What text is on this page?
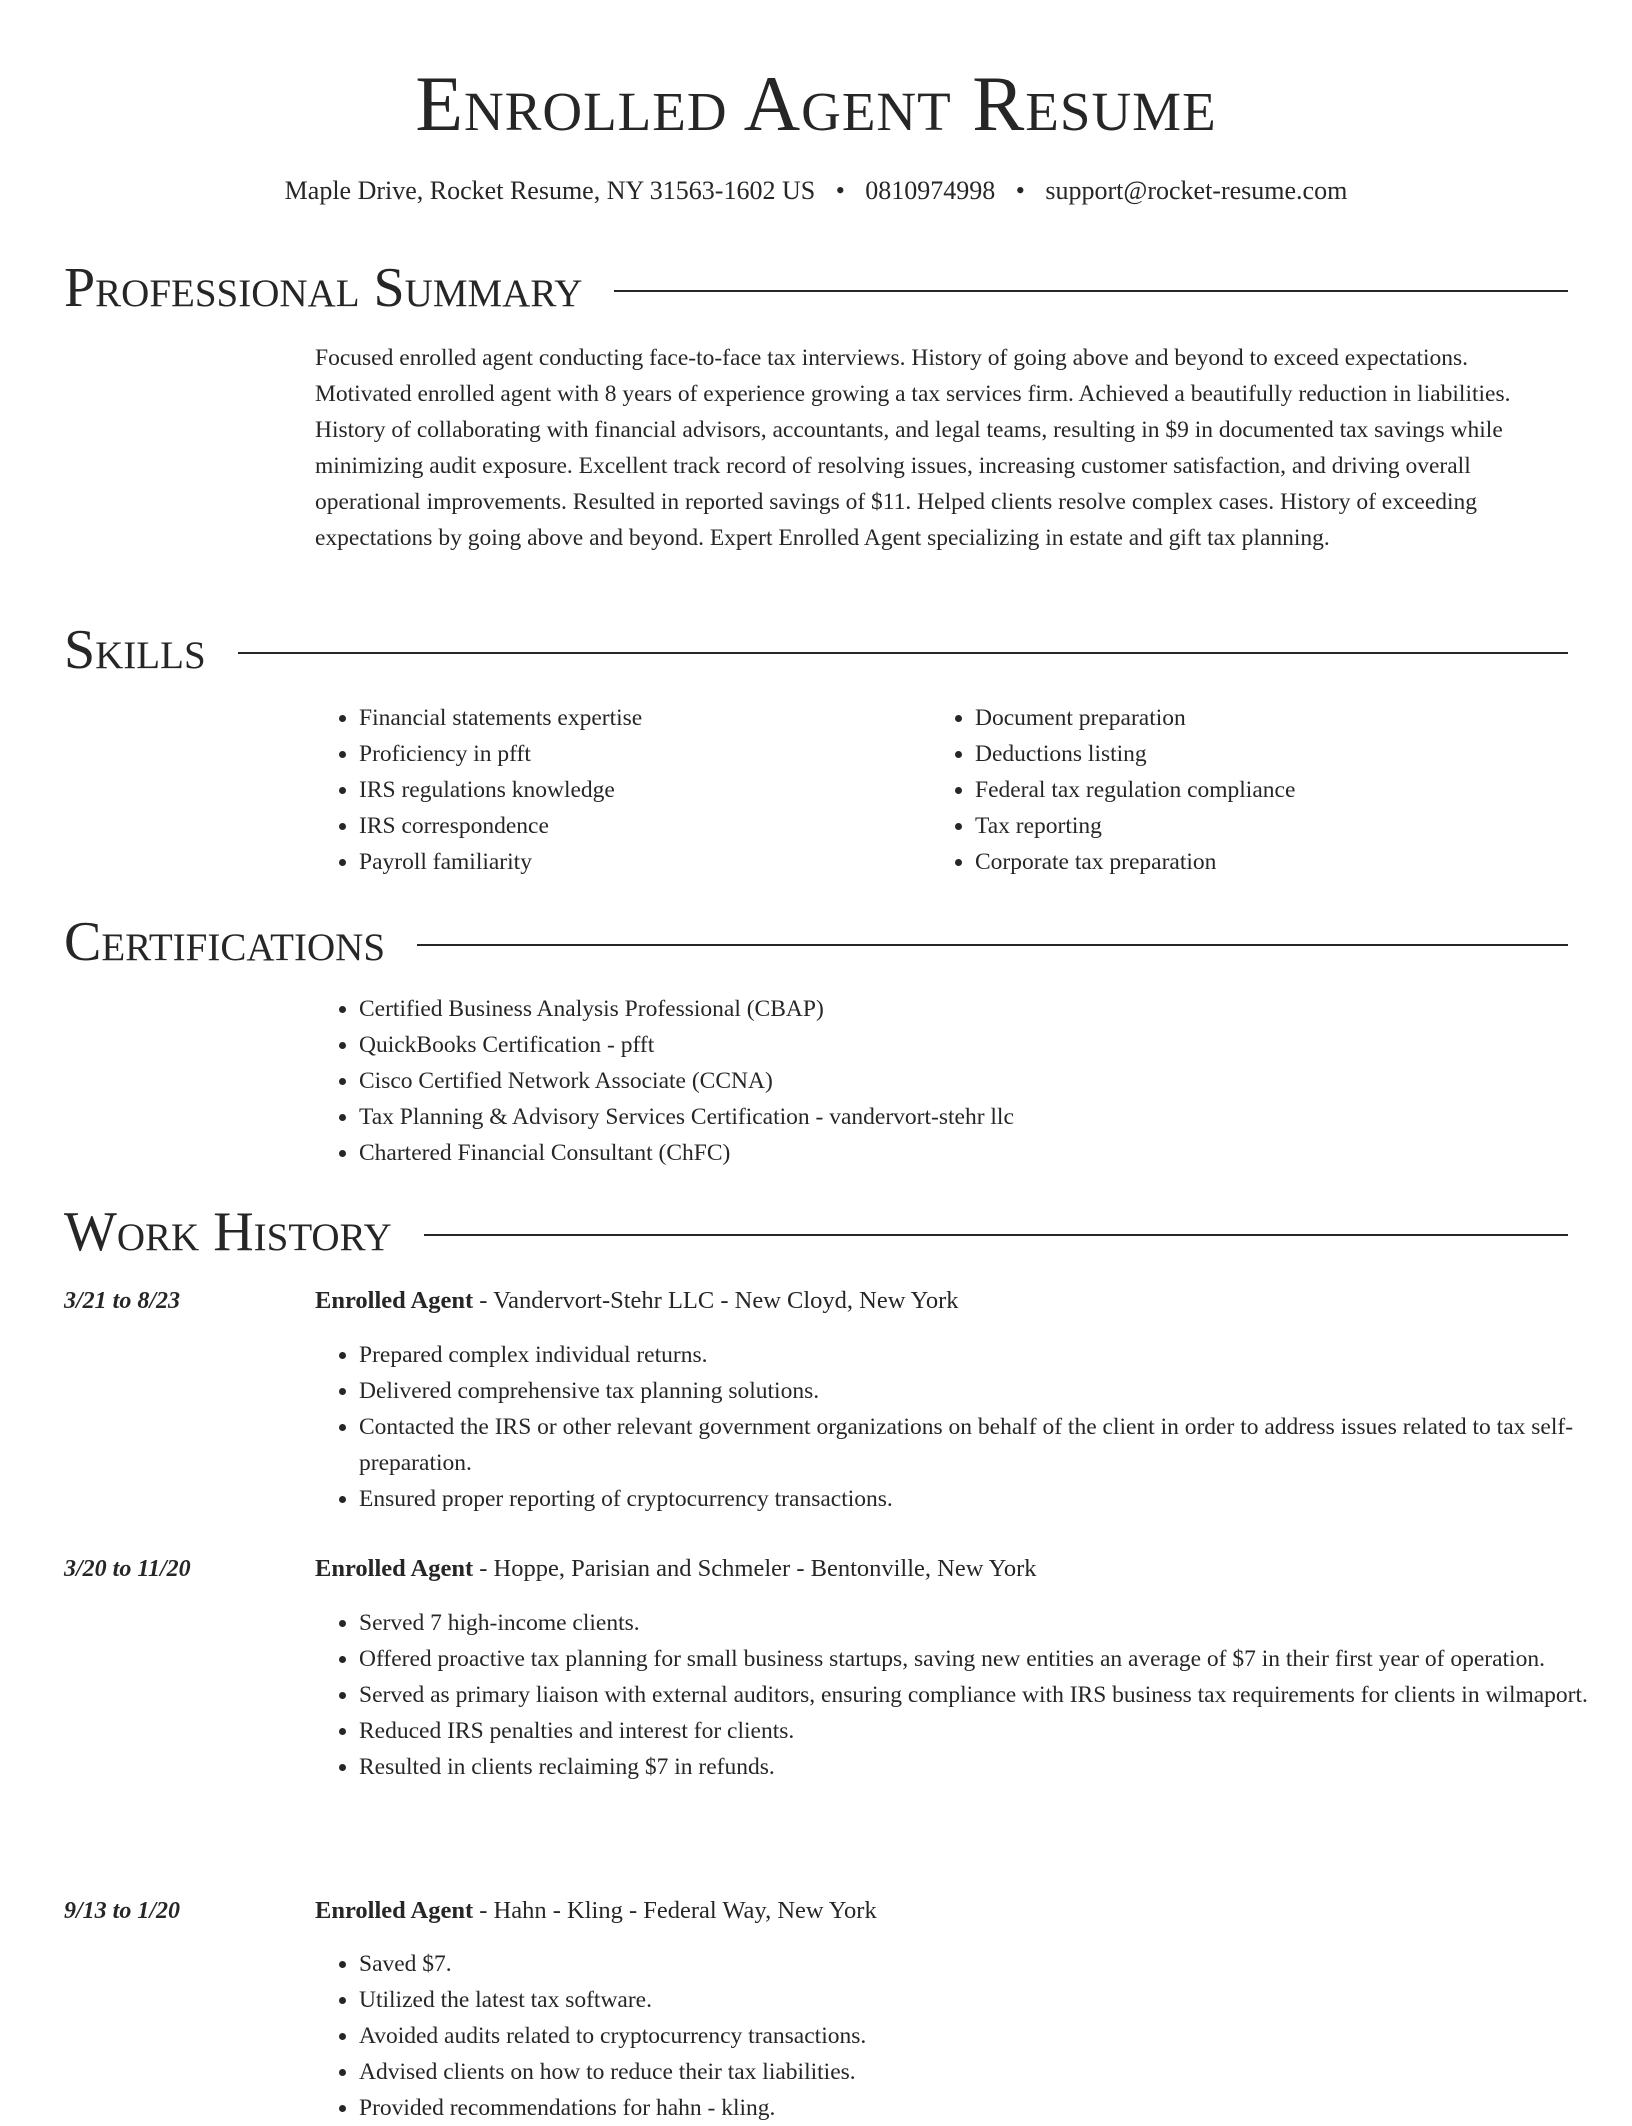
Enrolled Agent Resume
Maple Drive, Rocket Resume, NY 31563-1602 US • 0810974998 • support@rocket-resume.com
Professional Summary

Focused enrolled agent conducting face-to-face tax interviews. History of going above and beyond to exceed expectations. Motivated enrolled agent with 8 years of experience growing a tax services firm. Achieved a beautifully reduction in liabilities. History of collaborating with financial advisors, accountants, and legal teams, resulting in $9 in documented tax savings while minimizing audit exposure. Excellent track record of resolving issues, increasing customer satisfaction, and driving overall operational improvements. Resulted in reported savings of $11. Helped clients resolve complex cases. History of exceeding expectations by going above and beyond. Expert Enrolled Agent specializing in estate and gift tax planning.

Skills
• Financial statements expertise
• Proficiency in pfft
• IRS regulations knowledge
• IRS correspondence
• Payroll familiarity
• Document preparation
• Deductions listing
• Federal tax regulation compliance
• Tax reporting
• Corporate tax preparation
Certifications
• Certified Business Analysis Professional (CBAP)
• QuickBooks Certification - pfft
• Cisco Certified Network Associate (CCNA)
• Tax Planning & Advisory Services Certification - vandervort-stehr llc
• Chartered Financial Consultant (ChFC)
Work History
3/21 to 8/23	Enrolled Agent - Vandervort-Stehr LLC - New Cloyd, New York
• Prepared complex individual returns.
• Delivered comprehensive tax planning solutions.
• Contacted the IRS or other relevant government organizations on behalf of the client in order to address issues related to tax self-preparation.
• Ensured proper reporting of cryptocurrency transactions.
3/20 to 11/20	Enrolled Agent - Hoppe, Parisian and Schmeler - Bentonville, New York
• Served 7 high-income clients.
• Offered proactive tax planning for small business startups, saving new entities an average of $7 in their first year of operation.
• Served as primary liaison with external auditors, ensuring compliance with IRS business tax requirements for clients in wilmaport.
• Reduced IRS penalties and interest for clients.
• Resulted in clients reclaiming $7 in refunds.
9/13 to 1/20	Enrolled Agent - Hahn - Kling - Federal Way, New York
• Saved $7.
• Utilized the latest tax software.
• Avoided audits related to cryptocurrency transactions.
• Advised clients on how to reduce their tax liabilities.
• Provided recommendations for hahn - kling.
